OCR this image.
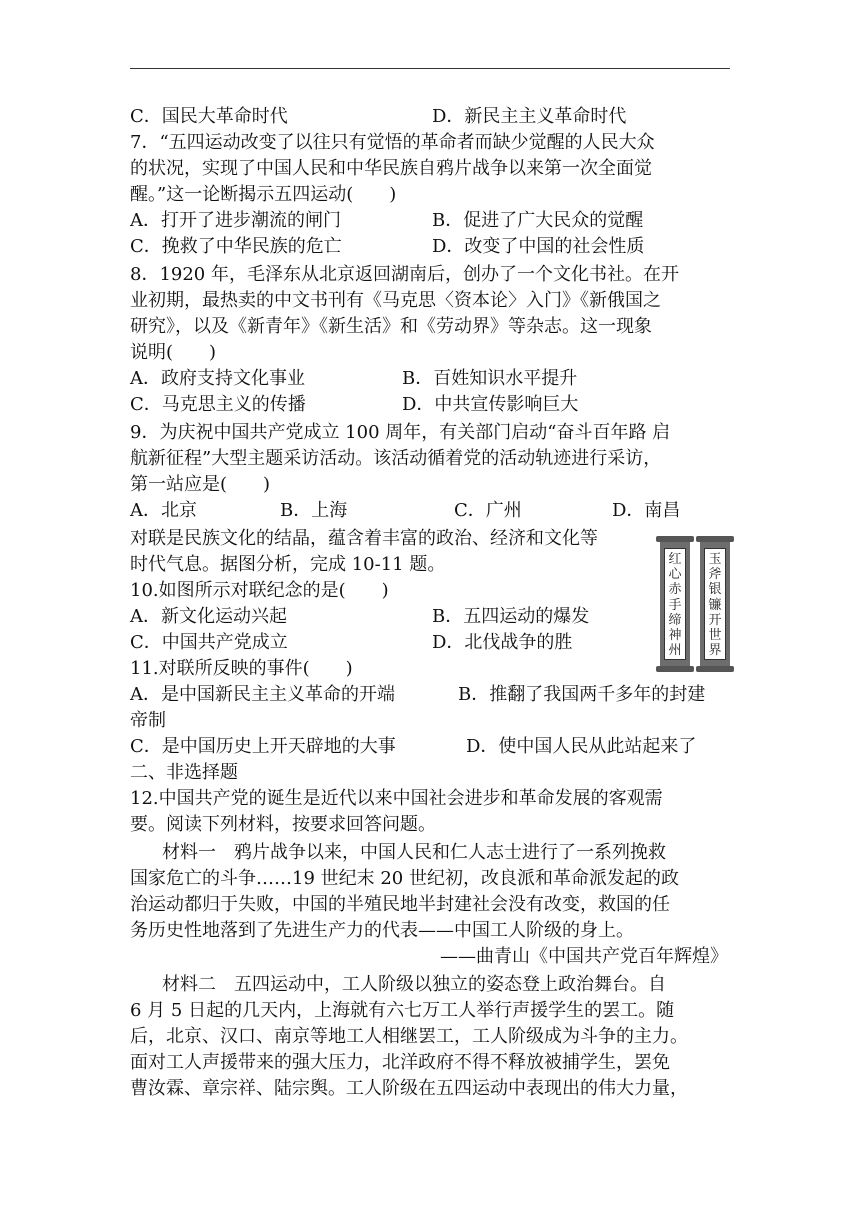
C．国民大革命时代	D．新民主主义革命时代
7．“五四运动改变了以往只有觉悟的革命者而缺少觉醒的人民大众
的状况，实现了中国人民和中华民族自鸦片战争以来第一次全面觉
醒。”这一论断揭示五四运动(　　)
A．打开了进步潮流的闸门	B．促进了广大民众的觉醒
C．挽救了中华民族的危亡	D．改变了中国的社会性质
8．1920 年，毛泽东从北京返回湖南后，创办了一个文化书社。在开
业初期，最热卖的中文书刊有《马克思〈资本论〉入门》《新俄国之
研究》，以及《新青年》《新生活》和《劳动界》等杂志。这一现象
说明(　　)
A．政府支持文化事业	B．百姓知识水平提升
C．马克思主义的传播	D．中共宣传影响巨大
9．为庆祝中国共产党成立 100 周年，有关部门启动“奋斗百年路 启
航新征程”大型主题采访活动。该活动循着党的活动轨迹进行采访，
第一站应是(　　)
A．北京	B．上海	C．广州	D．南昌
对联是民族文化的结晶，蕴含着丰富的政治、经济和文化等
时代气息。据图分析，完成 10-11 题。
10.如图所示对联纪念的是(　　)
A．新文化运动兴起	B．五四运动的爆发
C．中国共产党成立	D．北伐战争的胜
红心赤手缔神州
玉斧银镰开世界
11.对联所反映的事件(　　)
A．是中国新民主主义革命的开端	B．推翻了我国两千多年的封建
帝制
C．是中国历史上开天辟地的大事	D．使中国人民从此站起来了
二、非选择题
12.中国共产党的诞生是近代以来中国社会进步和革命发展的客观需
要。阅读下列材料，按要求回答问题。
材料一　鸦片战争以来，中国人民和仁人志士进行了一系列挽救
国家危亡的斗争……19 世纪末 20 世纪初，改良派和革命派发起的政
治运动都归于失败，中国的半殖民地半封建社会没有改变，救国的任
务历史性地落到了先进生产力的代表——中国工人阶级的身上。
——曲青山《中国共产党百年辉煌》
材料二　五四运动中，工人阶级以独立的姿态登上政治舞台。自
6 月 5 日起的几天内，上海就有六七万工人举行声援学生的罢工。随
后，北京、汉口、南京等地工人相继罢工，工人阶级成为斗争的主力。
面对工人声援带来的强大压力，北洋政府不得不释放被捕学生，罢免
曹汝霖、章宗祥、陆宗舆。工人阶级在五四运动中表现出的伟大力量，
